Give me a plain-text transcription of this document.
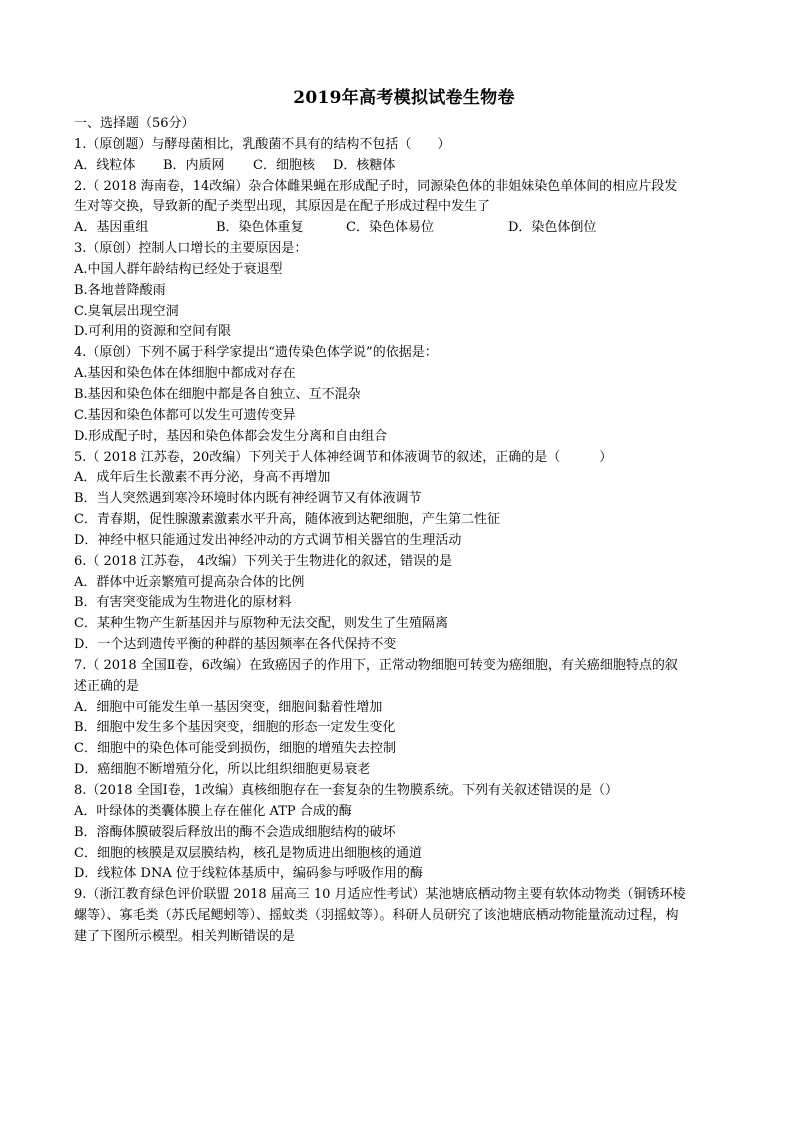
2019年高考模拟试卷生物卷
一、选择题（56分）
1.（原创题）与酵母菌相比，乳酸菌不具有的结构不包括（　　）
A．线粒体	B．内质网	C．细胞核	D．核糖体
2.（ 2018 海南卷，14改编）杂合体雌果蝇在形成配子时，同源染色体的非姐妹染色单体间的相应片段发
生对等交换，导致新的配子类型出现，其原因是在配子形成过程中发生了
A．基因重组	B．染色体重复	C．染色体易位	D．染色体倒位
3.（原创）控制人口增长的主要原因是：
A.中国人群年龄结构已经处于衰退型
B.各地普降酸雨
C.臭氧层出现空洞
D.可利用的资源和空间有限
4.（原创）下列不属于科学家提出“遗传染色体学说”的依据是：
A.基因和染色体在体细胞中都成对存在
B.基因和染色体在细胞中都是各自独立、互不混杂
C.基因和染色体都可以发生可遗传变异
D.形成配子时，基因和染色体都会发生分离和自由组合
5.（ 2018 江苏卷，20改编）下列关于人体神经调节和体液调节的叙述，正确的是（　　　）
A．成年后生长激素不再分泌，身高不再增加
B．当人突然遇到寒冷环境时体内既有神经调节又有体液调节
C．青春期，促性腺激素激素水平升高，随体液到达靶细胞，产生第二性征
D．神经中枢只能通过发出神经冲动的方式调节相关器官的生理活动
6.（ 2018 江苏卷， 4改编）下列关于生物进化的叙述，错误的是
A．群体中近亲繁殖可提高杂合体的比例
B．有害突变能成为生物进化的原材料
C．某种生物产生新基因并与原物种无法交配，则发生了生殖隔离
D．一个达到遗传平衡的种群的基因频率在各代保持不变
7.（ 2018 全国Ⅱ卷，6改编）在致癌因子的作用下，正常动物细胞可转变为癌细胞，有关癌细胞特点的叙
述正确的是
A．细胞中可能发生单一基因突变，细胞间黏着性增加
B．细胞中发生多个基因突变，细胞的形态一定发生变化
C．细胞中的染色体可能受到损伤，细胞的增殖失去控制
D．癌细胞不断增殖分化，所以比组织细胞更易衰老
8.（2018 全国Ⅰ卷，1改编）真核细胞存在一套复杂的生物膜系统。下列有关叙述错误的是（）
A．叶绿体的类囊体膜上存在催化 ATP 合成的酶
B．溶酶体膜破裂后释放出的酶不会造成细胞结构的破坏
C．细胞的核膜是双层膜结构，核孔是物质进出细胞核的通道
D．线粒体 DNA 位于线粒体基质中，编码参与呼吸作用的酶
9.（浙江教育绿色评价联盟 2018 届高三 10 月适应性考试）某池塘底栖动物主要有软体动物类（铜锈环棱
螺等）、寡毛类（苏氏尾鳃蚓等）、摇蚊类（羽摇蚊等）。科研人员研究了该池塘底栖动物能量流动过程，构
建了下图所示模型。相关判断错误的是
